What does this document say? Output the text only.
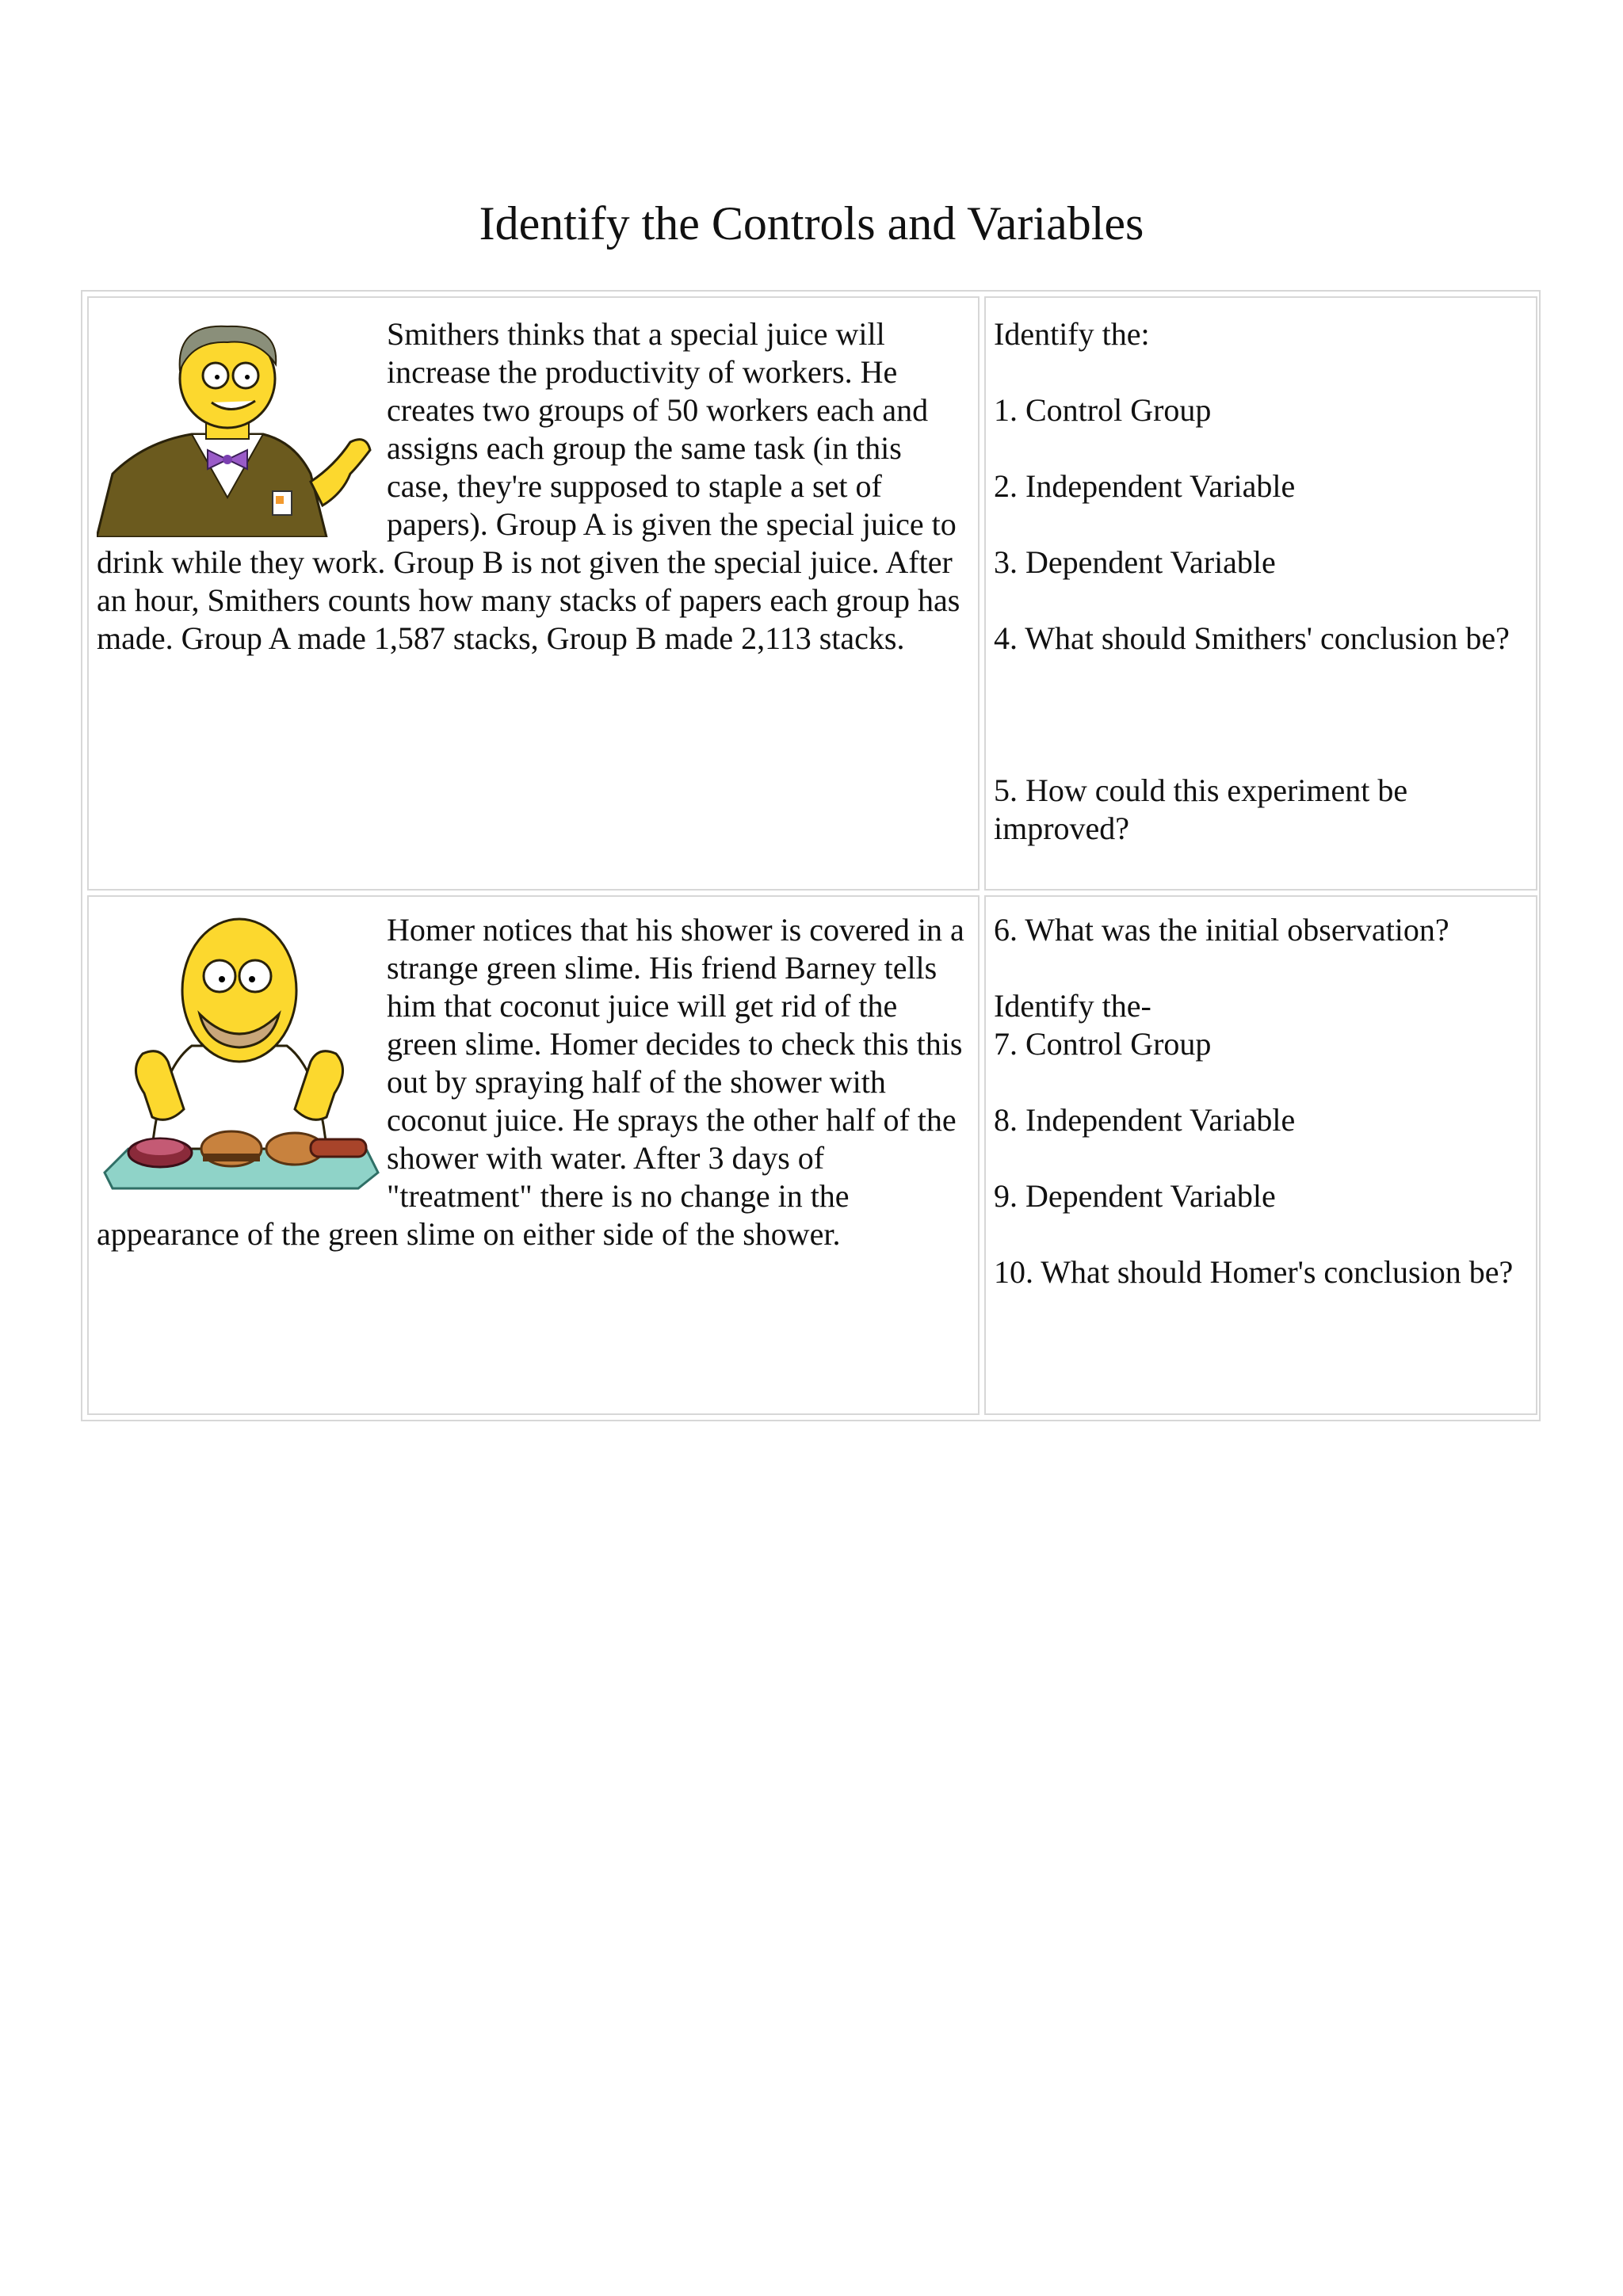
Identify the Controls and Variables

Smithers thinks that a special juice will increase the productivity of workers. He creates two groups of 50 workers each and assigns each group the same task (in this case, they're supposed to staple a set of papers). Group A is given the special juice to drink while they work. Group B is not given the special juice. After an hour, Smithers counts how many stacks of papers each group has made. Group A made 1,587 stacks, Group B made 2,113 stacks.

Identify the:

1. Control Group

2. Independent Variable

3. Dependent Variable

4. What should Smithers' conclusion be?

5. How could this experiment be improved?

Homer notices that his shower is covered in a strange green slime. His friend Barney tells him that coconut juice will get rid of the green slime. Homer decides to check this this out by spraying half of the shower with coconut juice. He sprays the other half of the shower with water. After 3 days of "treatment" there is no change in the appearance of the green slime on either side of the shower.

6. What was the initial observation?

Identify the-

7. Control Group

8. Independent Variable

9. Dependent Variable

10. What should Homer's conclusion be?
